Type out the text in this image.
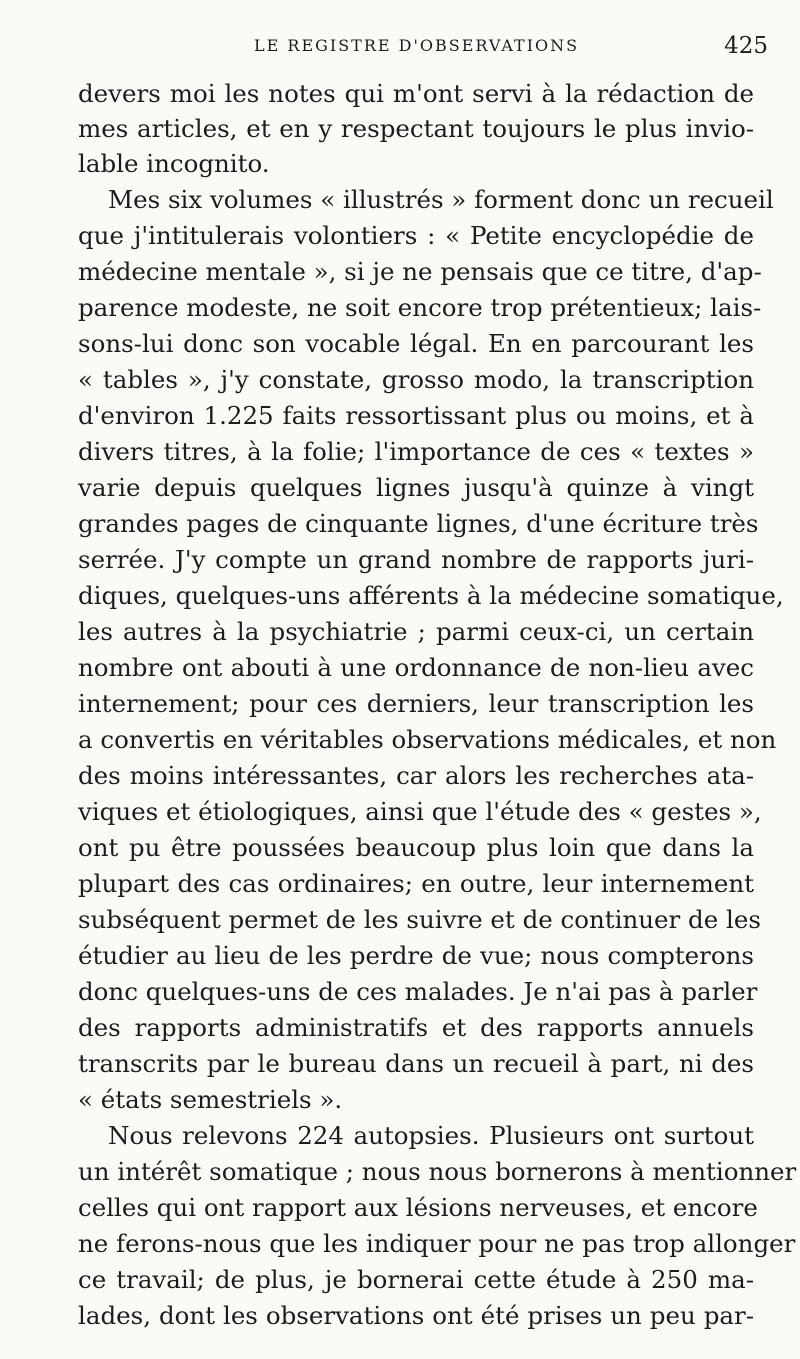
LE REGISTRE D'OBSERVATIONS	425

devers moi les notes qui m'ont servi à la rédaction de

mes articles, et en y respectant toujours le plus invio-

lable incognito.

Mes six volumes « illustrés » forment donc un recueil

que j'intitulerais volontiers : « Petite encyclopédie de

médecine mentale », si je ne pensais que ce titre, d'ap-

parence modeste, ne soit encore trop prétentieux; lais-

sons-lui donc son vocable légal. En en parcourant les

« tables », j'y constate, grosso modo, la transcription

d'environ 1.225 faits ressortissant plus ou moins, et à

divers titres, à la folie; l'importance de ces « textes »

varie depuis quelques lignes jusqu'à quinze à vingt

grandes pages de cinquante lignes, d'une écriture très

serrée. J'y compte un grand nombre de rapports juri-

diques, quelques-uns afférents à la médecine somatique,

les autres à la psychiatrie ; parmi ceux-ci, un certain

nombre ont abouti à une ordonnance de non-lieu avec

internement; pour ces derniers, leur transcription les

a convertis en véritables observations médicales, et non

des moins intéressantes, car alors les recherches ata-

viques et étiologiques, ainsi que l'étude des « gestes »,

ont pu être poussées beaucoup plus loin que dans la

plupart des cas ordinaires; en outre, leur internement

subséquent permet de les suivre et de continuer de les

étudier au lieu de les perdre de vue; nous compterons

donc quelques-uns de ces malades. Je n'ai pas à parler

des rapports administratifs et des rapports annuels

transcrits par le bureau dans un recueil à part, ni des

« états semestriels ».

Nous relevons 224 autopsies. Plusieurs ont surtout

un intérêt somatique ; nous nous bornerons à mentionner

celles qui ont rapport aux lésions nerveuses, et encore

ne ferons-nous que les indiquer pour ne pas trop allonger

ce travail; de plus, je bornerai cette étude à 250 ma-

lades, dont les observations ont été prises un peu par-
